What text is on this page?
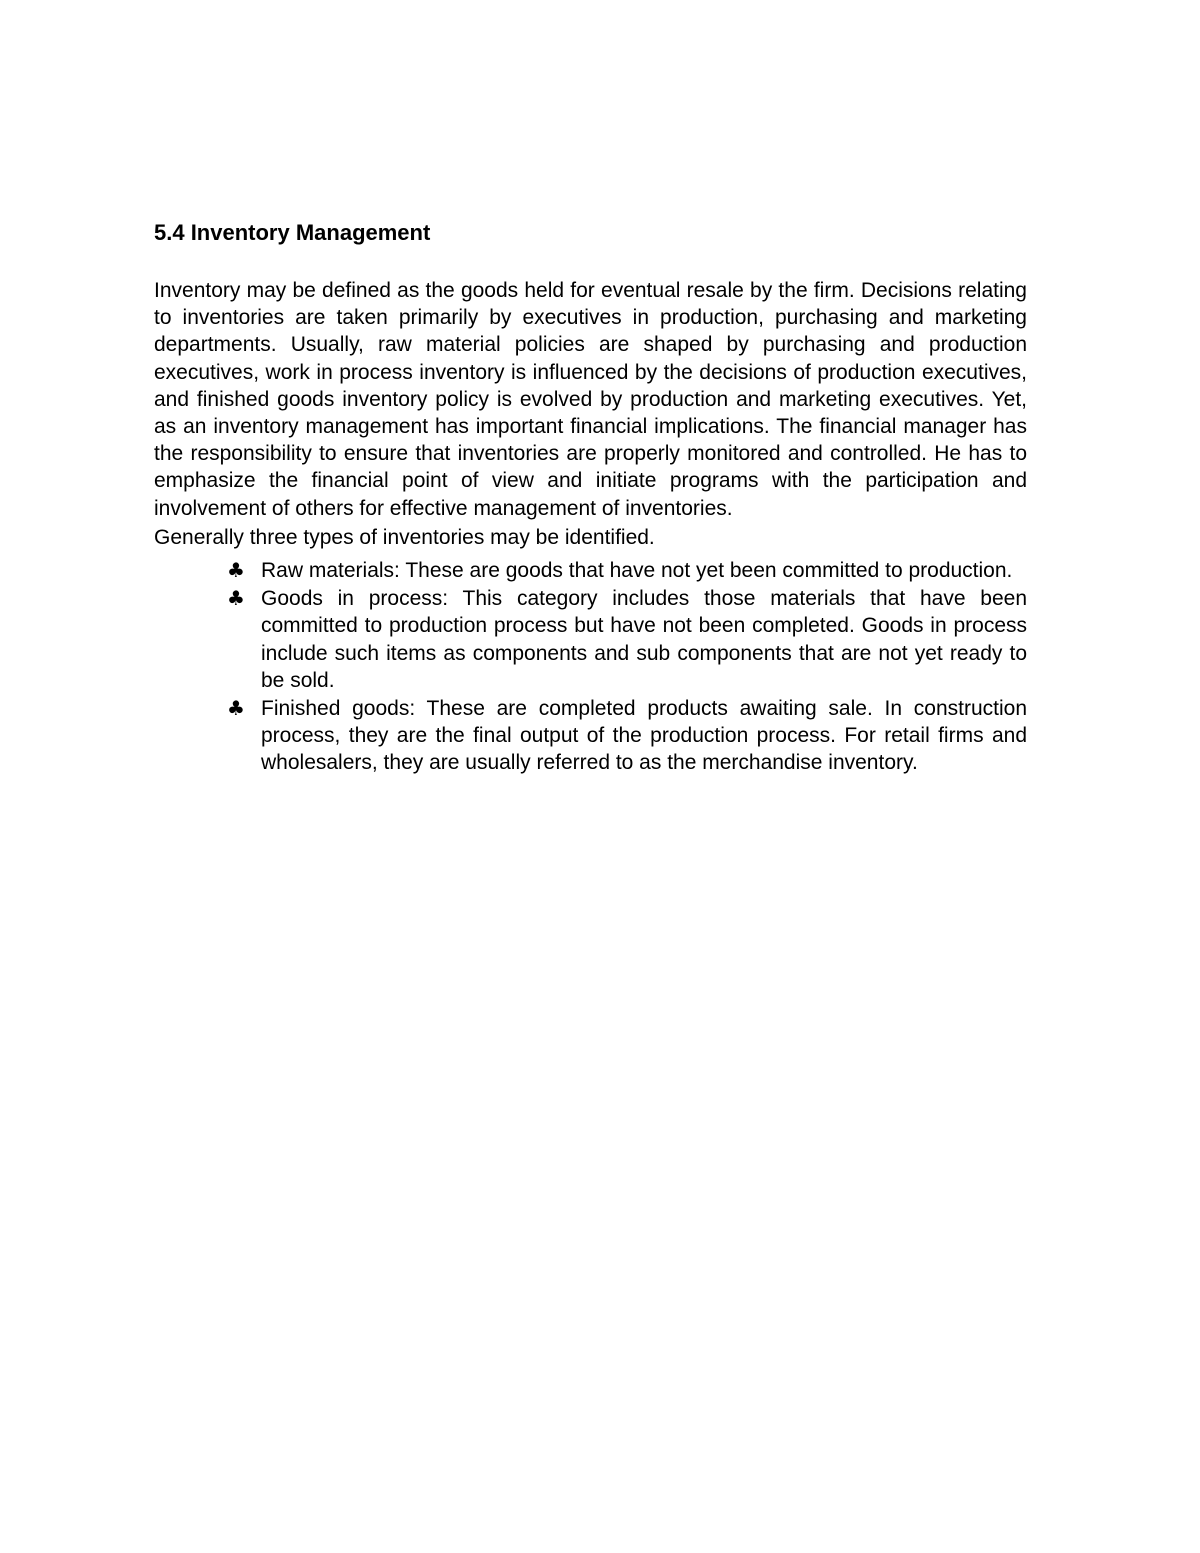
5.4 Inventory Management

Inventory may be defined as the goods held for eventual resale by the firm. Decisions relating to inventories are taken primarily by executives in production, purchasing and marketing departments. Usually, raw material policies are shaped by purchasing and production executives, work in process inventory is influenced by the decisions of production executives, and finished goods inventory policy is evolved by production and marketing executives. Yet, as an inventory management has important financial implications. The financial manager has the responsibility to ensure that inventories are properly monitored and controlled. He has to emphasize the financial point of view and initiate programs with the participation and involvement of others for effective management of inventories.

Generally three types of inventories may be identified.

♣ Raw materials: These are goods that have not yet been committed to production.
♣ Goods in process: This category includes those materials that have been committed to production process but have not been completed. Goods in process include such items as components and sub components that are not yet ready to be sold.
♣ Finished goods: These are completed products awaiting sale. In construction process, they are the final output of the production process. For retail firms and wholesalers, they are usually referred to as the merchandise inventory.
